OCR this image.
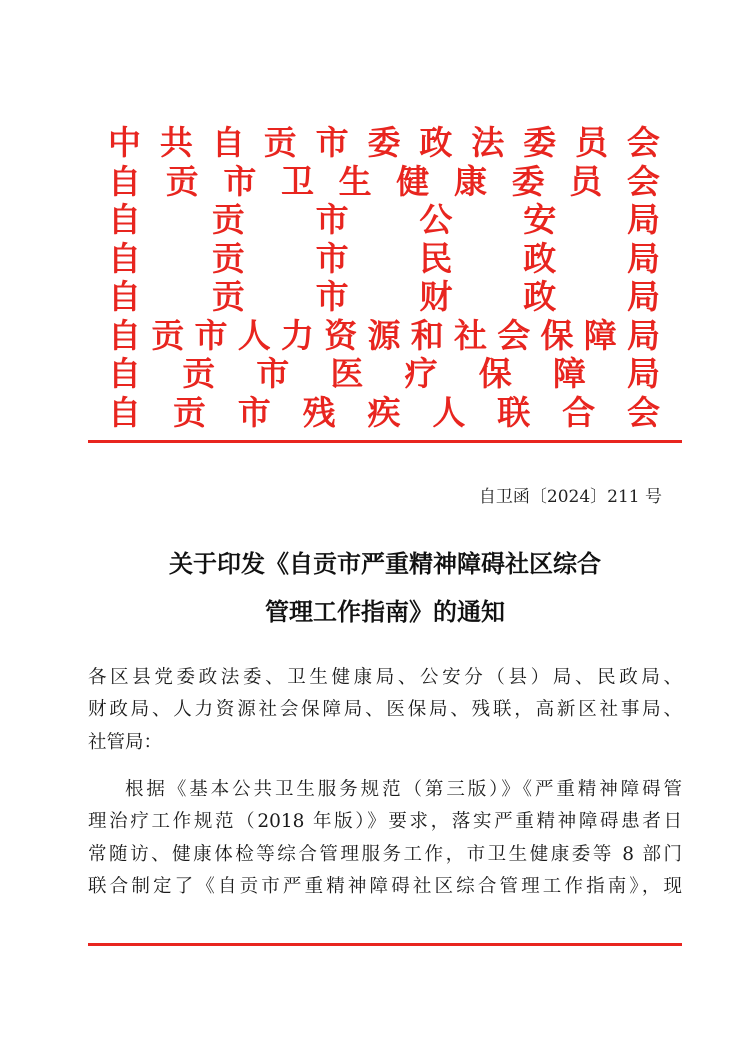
中 共 自 贡 市 委 政 法 委 员 会
自 贡 市 卫 生 健 康 委 员 会
自 贡 市 公 安 局
自 贡 市 民 政 局
自 贡 市 财 政 局
自 贡 市 人 力 资 源 和 社 会 保 障 局
自 贡 市 医 疗 保 障 局
自 贡 市 残 疾 人 联 合 会
自卫函〔2024〕211 号
关于印发《自贡市严重精神障碍社区综合
管理工作指南》的通知
各区县党委政法委、卫生健康局、公安分（县）局、民政局、
财政局、人力资源社会保障局、医保局、残联，高新区社事局、
社管局：
根据《基本公共卫生服务规范（第三版）》《严重精神障碍管
理治疗工作规范（2018 年版）》要求，落实严重精神障碍患者日
常随访、健康体检等综合管理服务工作，市卫生健康委等 8 部门
联合制定了《自贡市严重精神障碍社区综合管理工作指南》，现
